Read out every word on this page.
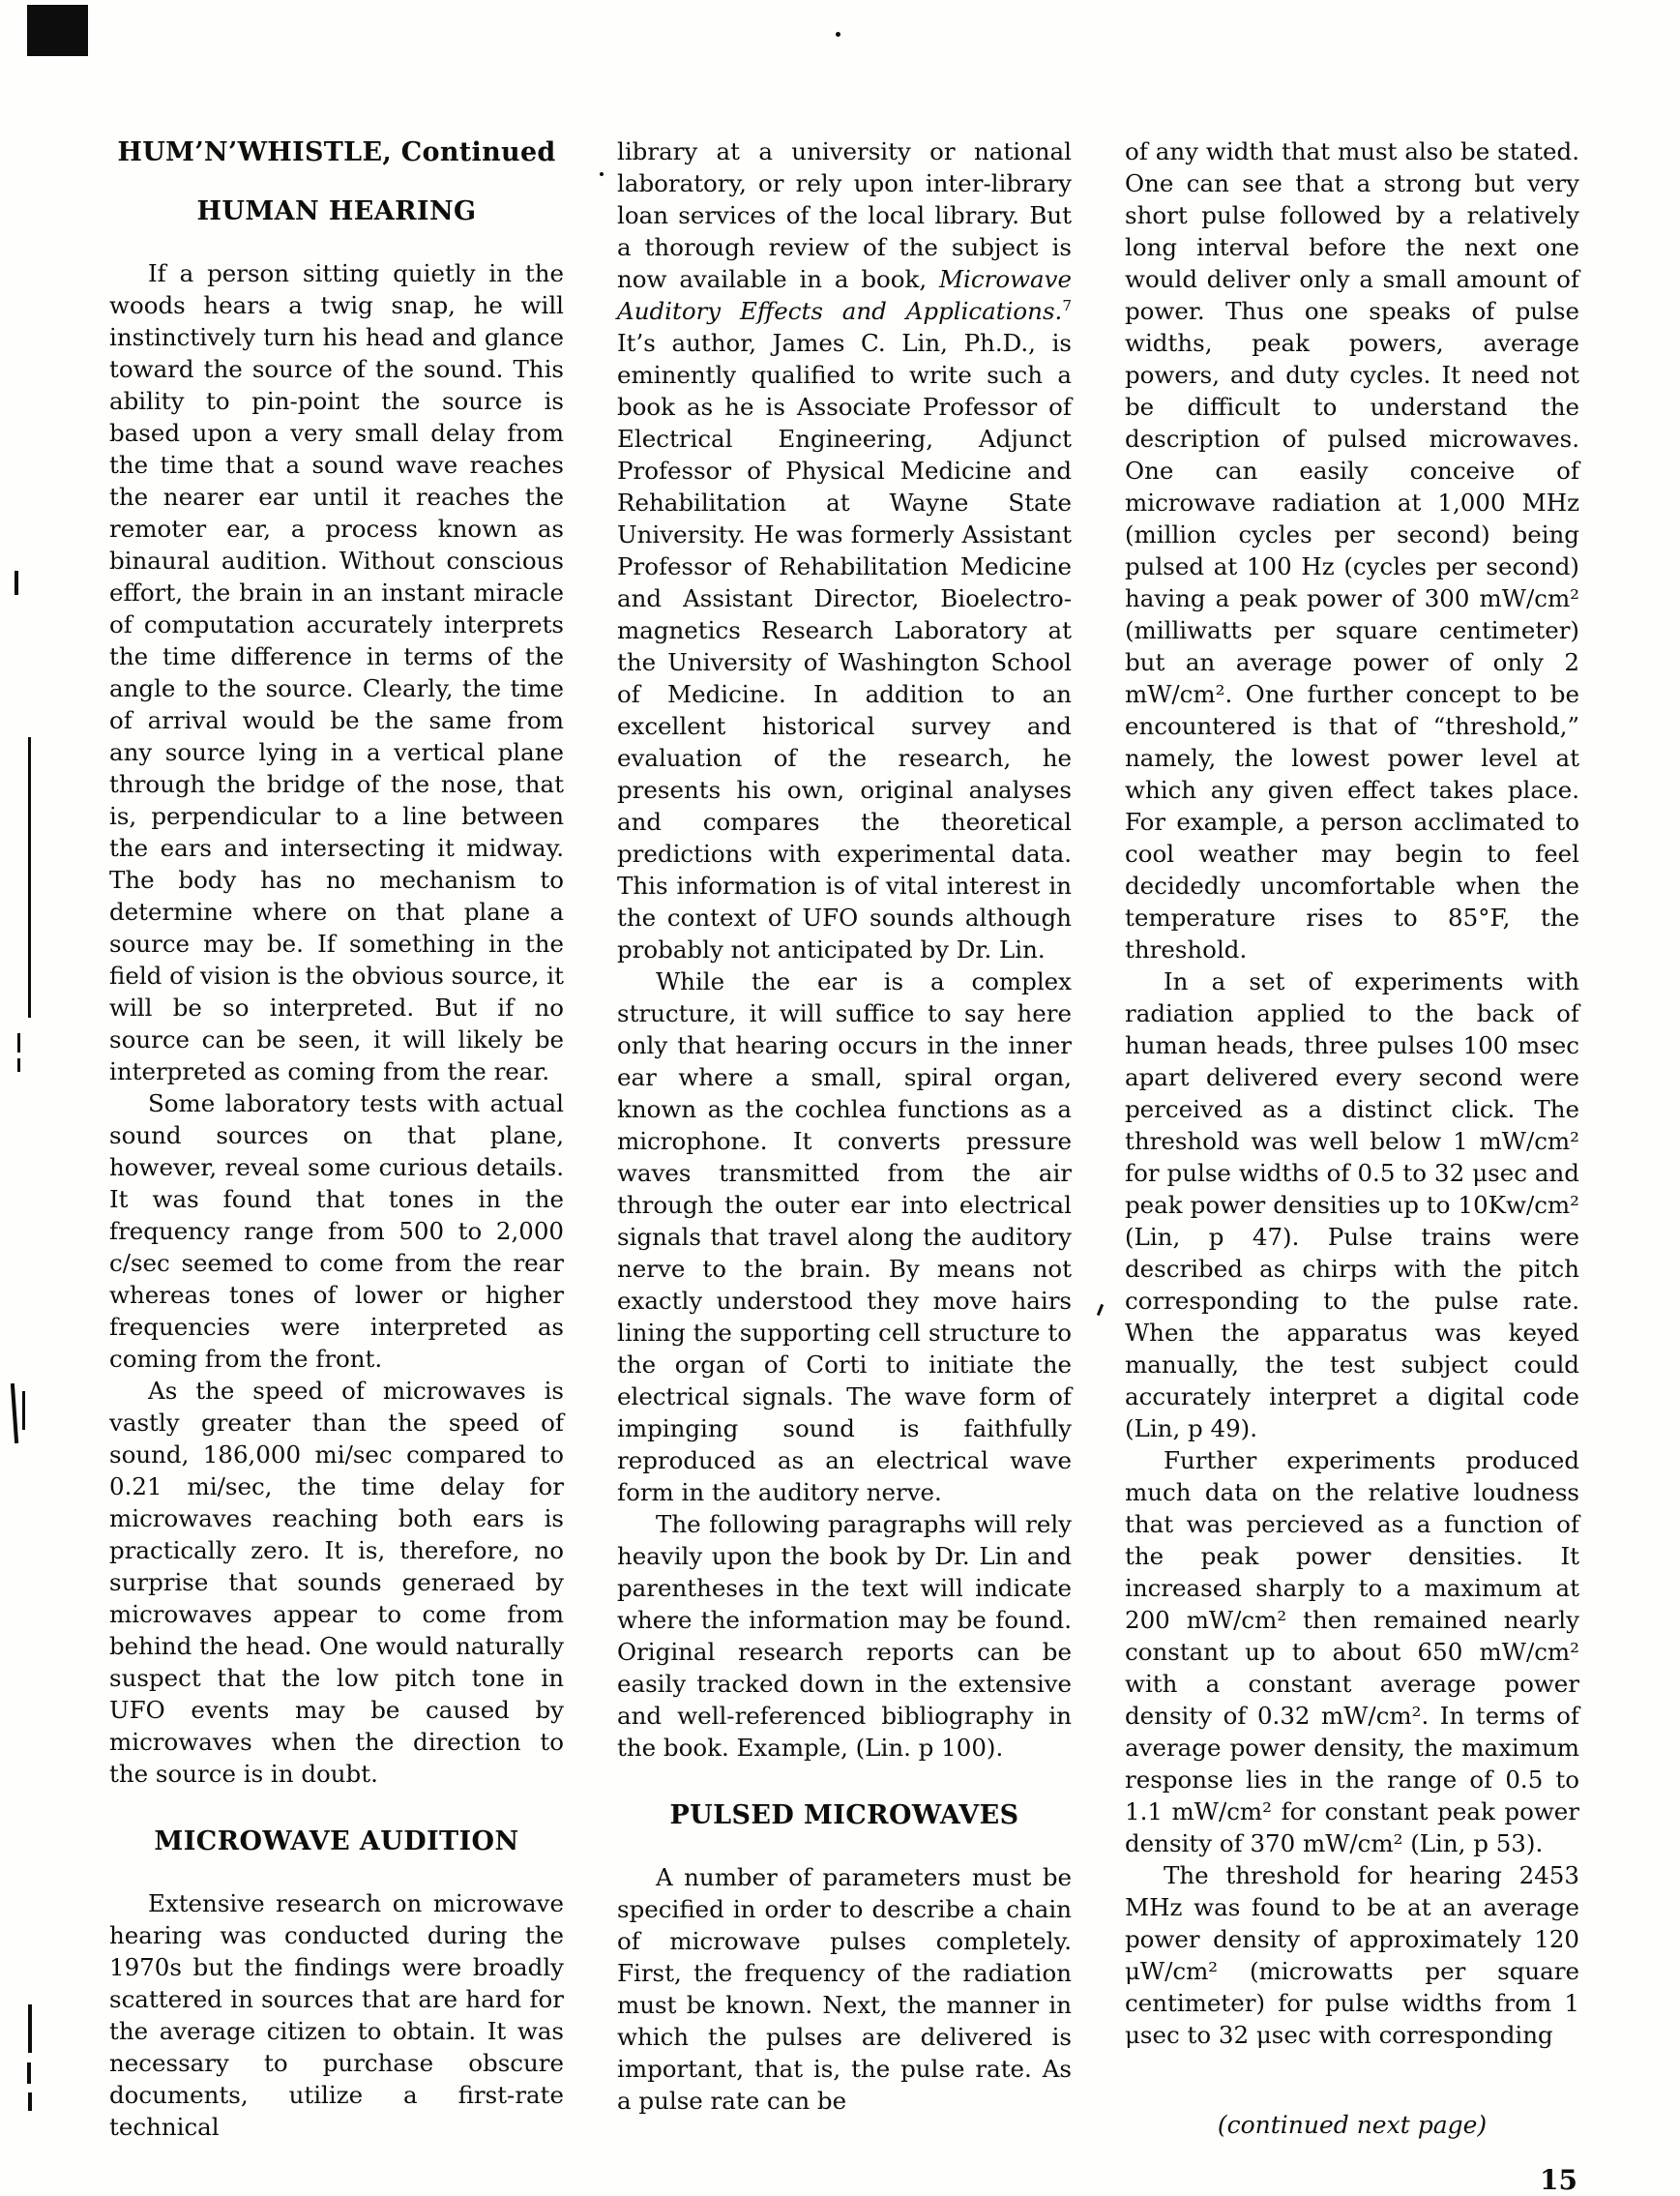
HUM’N’WHISTLE, Continued
HUMAN HEARING

If a person sitting quietly in the woods hears a twig snap, he will instinctively turn his head and glance toward the source of the sound. This ability to pin-point the source is based upon a very small delay from the time that a sound wave reaches the nearer ear until it reaches the remoter ear, a process known as binaural audition. Without conscious effort, the brain in an instant miracle of computation accurately interprets the time difference in terms of the angle to the source. Clearly, the time of arrival would be the same from any source lying in a vertical plane through the bridge of the nose, that is, perpendicular to a line between the ears and intersecting it midway. The body has no mechanism to determine where on that plane a source may be. If something in the field of vision is the obvious source, it will be so interpreted. But if no source can be seen, it will likely be interpreted as coming from the rear.

Some laboratory tests with actual sound sources on that plane, however, reveal some curious details. It was found that tones in the frequency range from 500 to 2,000 c/sec seemed to come from the rear whereas tones of lower or higher frequencies were interpreted as coming from the front.

As the speed of microwaves is vastly greater than the speed of sound, 186,000 mi/sec compared to 0.21 mi/sec, the time delay for microwaves reaching both ears is practically zero. It is, therefore, no surprise that sounds generaed by microwaves appear to come from behind the head. One would naturally suspect that the low pitch tone in UFO events may be caused by microwaves when the direction to the source is in doubt.

MICROWAVE AUDITION

Extensive research on microwave hearing was conducted during the 1970s but the findings were broadly scattered in sources that are hard for the average citizen to obtain. It was necessary to purchase obscure documents, utilize a first-rate technical

library at a university or national laboratory, or rely upon inter-library loan services of the local library. But a thorough review of the subject is now available in a book, Microwave Auditory Effects and Applications.$^7$ It’s author, James C. Lin, Ph.D., is eminently qualified to write such a book as he is Associate Professor of Electrical Engineering, Adjunct Professor of Physical Medicine and Rehabilitation at Wayne State University. He was formerly Assistant Professor of Rehabilitation Medicine and Assistant Director, Bioelectro-magnetics Research Laboratory at the University of Washington School of Medicine. In addition to an excellent historical survey and evaluation of the research, he presents his own, original analyses and compares the theoretical predictions with experimental data. This information is of vital interest in the context of UFO sounds although probably not anticipated by Dr. Lin.

While the ear is a complex structure, it will suffice to say here only that hearing occurs in the inner ear where a small, spiral organ, known as the cochlea functions as a microphone. It converts pressure waves transmitted from the air through the outer ear into electrical signals that travel along the auditory nerve to the brain. By means not exactly understood they move hairs lining the supporting cell structure to the organ of Corti to initiate the electrical signals. The wave form of impinging sound is faithfully reproduced as an electrical wave form in the auditory nerve.

The following paragraphs will rely heavily upon the book by Dr. Lin and parentheses in the text will indicate where the information may be found. Original research reports can be easily tracked down in the extensive and well-referenced bibliography in the book. Example, (Lin. p 100).

PULSED MICROWAVES

A number of parameters must be specified in order to describe a chain of microwave pulses completely. First, the frequency of the radiation must be known. Next, the manner in which the pulses are delivered is important, that is, the pulse rate. As a pulse rate can be

of any width that must also be stated. One can see that a strong but very short pulse followed by a relatively long interval before the next one would deliver only a small amount of power. Thus one speaks of pulse widths, peak powers, average powers, and duty cycles. It need not be difficult to understand the description of pulsed microwaves. One can easily conceive of microwave radiation at 1,000 MHz (million cycles per second) being pulsed at 100 Hz (cycles per second) having a peak power of 300 mW/cm² (milliwatts per square centimeter) but an average power of only 2 mW/cm². One further concept to be encountered is that of “threshold,” namely, the lowest power level at which any given effect takes place. For example, a person acclimated to cool weather may begin to feel decidedly uncomfortable when the temperature rises to 85°F, the threshold.

In a set of experiments with radiation applied to the back of human heads, three pulses 100 msec apart delivered every second were perceived as a distinct click. The threshold was well below 1 mW/cm² for pulse widths of 0.5 to 32 μsec and peak power densities up to 10Kw/cm² (Lin, p 47). Pulse trains were described as chirps with the pitch corresponding to the pulse rate. When the apparatus was keyed manually, the test subject could accurately interpret a digital code (Lin, p 49).

Further experiments produced much data on the relative loudness that was percieved as a function of the peak power densities. It increased sharply to a maximum at 200 mW/cm² then remained nearly constant up to about 650 mW/cm² with a constant average power density of 0.32 mW/cm². In terms of average power density, the maximum response lies in the range of 0.5 to 1.1 mW/cm² for constant peak power density of 370 mW/cm² (Lin, p 53).

The threshold for hearing 2453 MHz was found to be at an average power density of approximately 120 μW/cm² (microwatts per square centimeter) for pulse widths from 1 μsec to 32 μsec with corresponding

(continued next page)
15
